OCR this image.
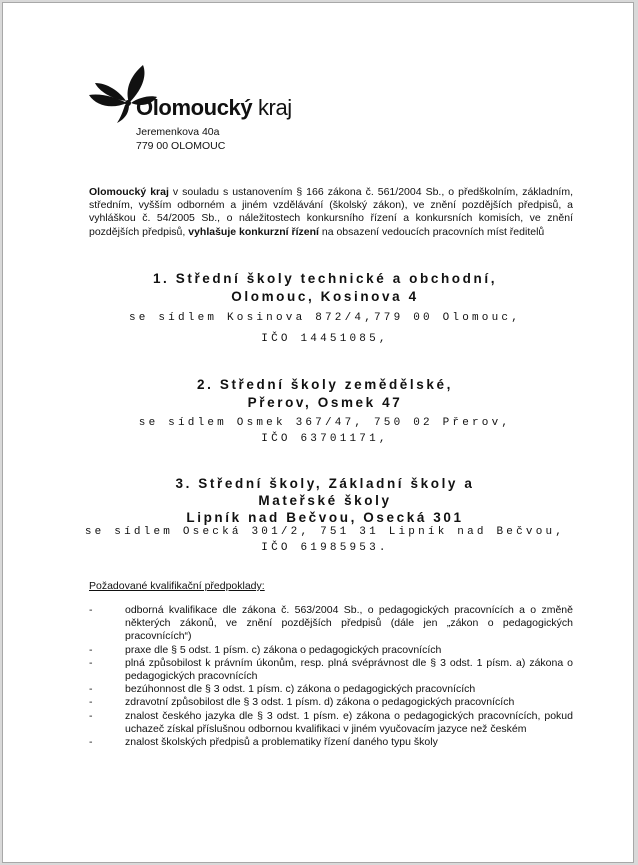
Olomoucký kraj
Jeremenkova 40a
779 00 OLOMOUC
Olomoucký kraj v souladu s ustanovením § 166 zákona č. 561/2004 Sb., o předškolním, základním, středním, vyšším odborném a jiném vzdělávání (školský zákon), ve znění pozdějších předpisů, a vyhláškou č. 54/2005 Sb., o náležitostech konkursního řízení a konkursních komisích, ve znění pozdějších předpisů, vyhlašuje konkurzní řízení na obsazení vedoucích pracovních míst ředitelů
1. Střední školy technické a obchodní,
Olomouc, Kosinova 4
se sídlem Kosinova 872/4,779 00 Olomouc,
IČO 14451085,
2. Střední školy zemědělské,
Přerov, Osmek 47
se sídlem Osmek 367/47, 750 02 Přerov,
IČO 63701171,
3. Střední školy, Základní školy a
Mateřské školy
Lipník nad Bečvou, Osecká 301
se sídlem Osecká 301/2, 751 31 Lipník nad Bečvou,
IČO 61985953.
Požadované kvalifikační předpoklady:
-	odborná kvalifikace dle zákona č. 563/2004 Sb., o pedagogických pracovnících a o změně některých zákonů, ve znění pozdějších předpisů (dále jen „zákon o pedagogických pracovnících“)
-	praxe dle § 5 odst. 1 písm. c) zákona o pedagogických pracovnících
-	plná způsobilost k právním úkonům, resp. plná svéprávnost dle § 3 odst. 1 písm. a) zákona o pedagogických pracovnících
-	bezúhonnost dle § 3 odst. 1 písm. c) zákona o pedagogických pracovnících
-	zdravotní způsobilost dle § 3 odst. 1 písm. d) zákona o pedagogických pracovnících
-	znalost českého jazyka dle § 3 odst. 1 písm. e) zákona o pedagogických pracovnících, pokud uchazeč získal příslušnou odbornou kvalifikaci v jiném vyučovacím jazyce než českém
-	znalost školských předpisů a problematiky řízení daného typu školy
